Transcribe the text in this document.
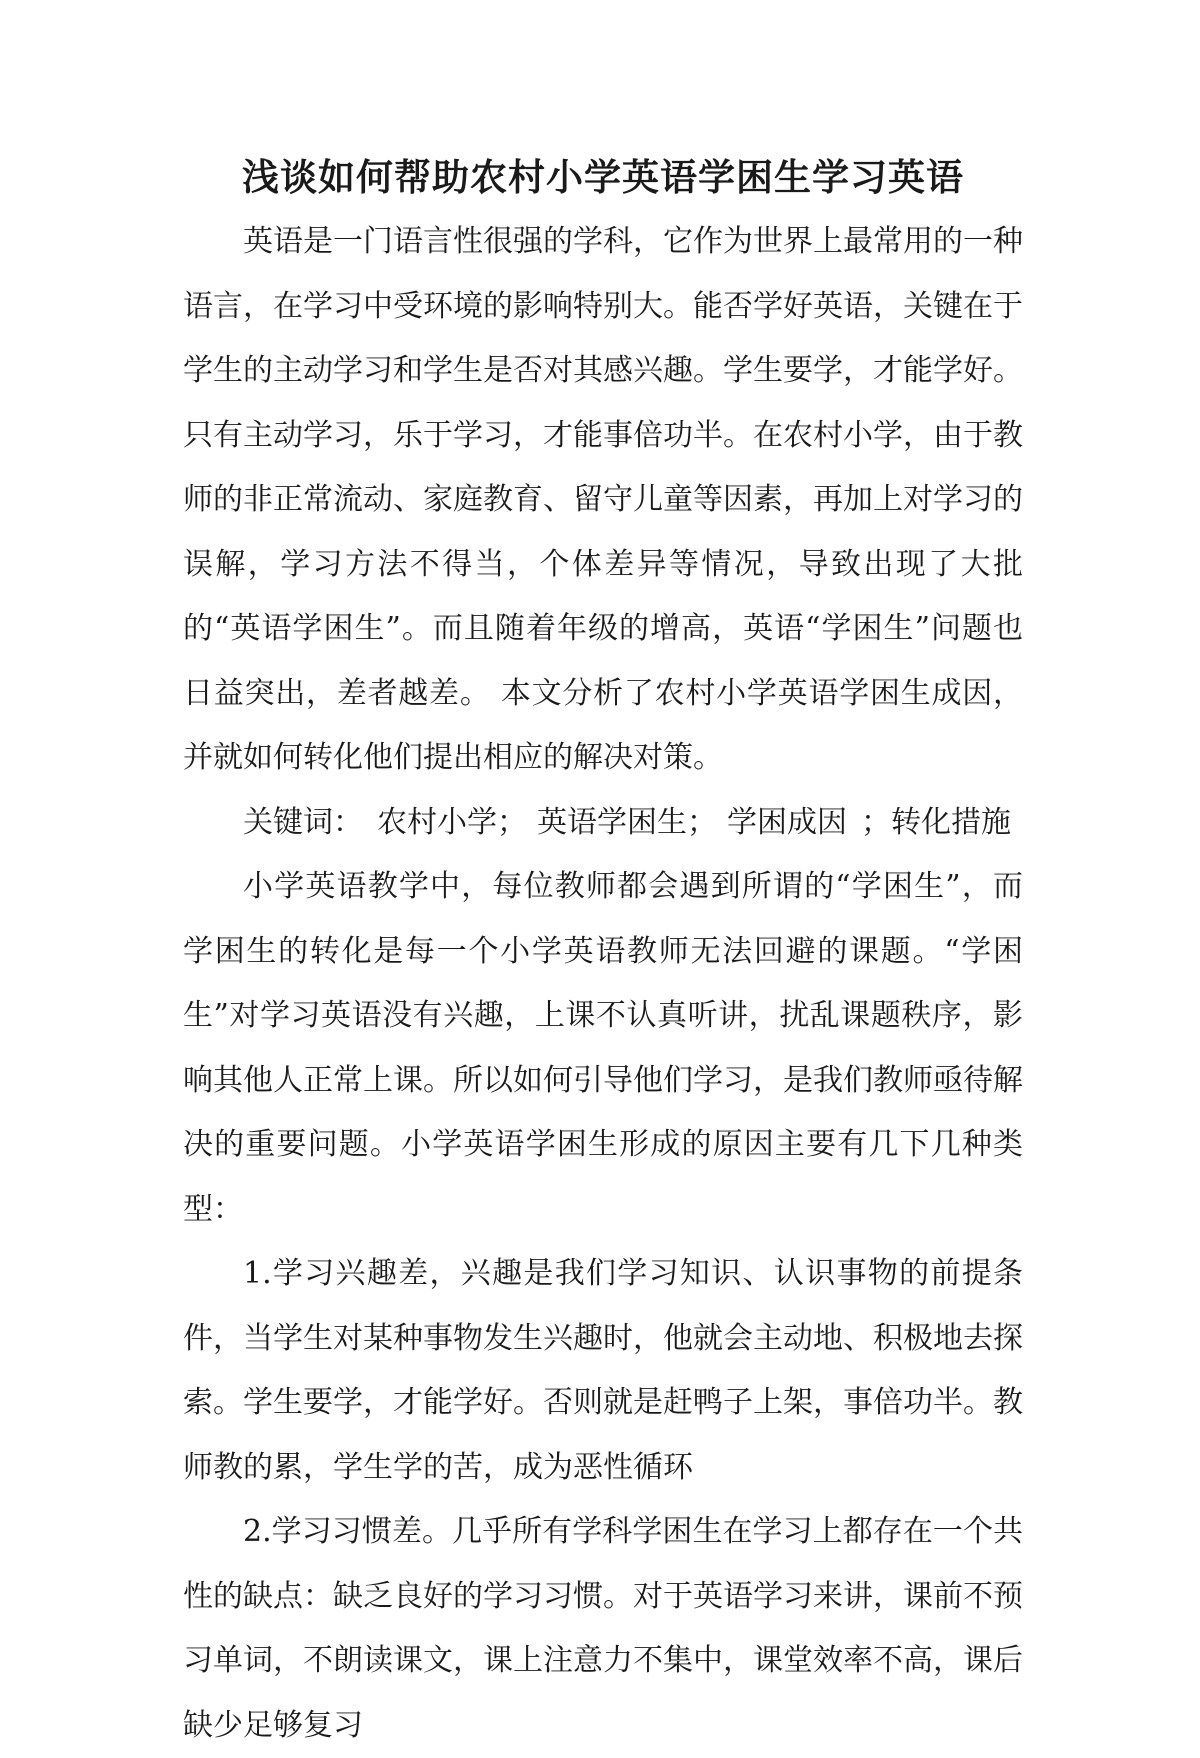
浅谈如何帮助农村小学英语学困生学习英语

英语是一门语言性很强的学科，它作为世界上最常用的一种语言，在学习中受环境的影响特别大。能否学好英语，关键在于学生的主动学习和学生是否对其感兴趣。学生要学，才能学好。只有主动学习，乐于学习，才能事倍功半。在农村小学，由于教师的非正常流动、家庭教育、留守儿童等因素，再加上对学习的误解，学习方法不得当，个体差异等情况，导致出现了大批的“英语学困生”。而且随着年级的增高，英语“学困生”问题也日益突出，差者越差。 本文分析了农村小学英语学困生成因，并就如何转化他们提出相应的解决对策。

关键词： 农村小学； 英语学困生； 学困成因 ；转化措施

小学英语教学中，每位教师都会遇到所谓的“学困生”，而学困生的转化是每一个小学英语教师无法回避的课题。“学困生”对学习英语没有兴趣，上课不认真听讲，扰乱课题秩序，影响其他人正常上课。所以如何引导他们学习，是我们教师亟待解决的重要问题。小学英语学困生形成的原因主要有几下几种类型：

1.学习兴趣差，兴趣是我们学习知识、认识事物的前提条件，当学生对某种事物发生兴趣时，他就会主动地、积极地去探索。学生要学，才能学好。否则就是赶鸭子上架，事倍功半。教师教的累，学生学的苦，成为恶性循环

2.学习习惯差。几乎所有学科学困生在学习上都存在一个共性的缺点：缺乏良好的学习习惯。对于英语学习来讲，课前不预习单词，不朗读课文，课上注意力不集中，课堂效率不高，课后缺少足够复习
